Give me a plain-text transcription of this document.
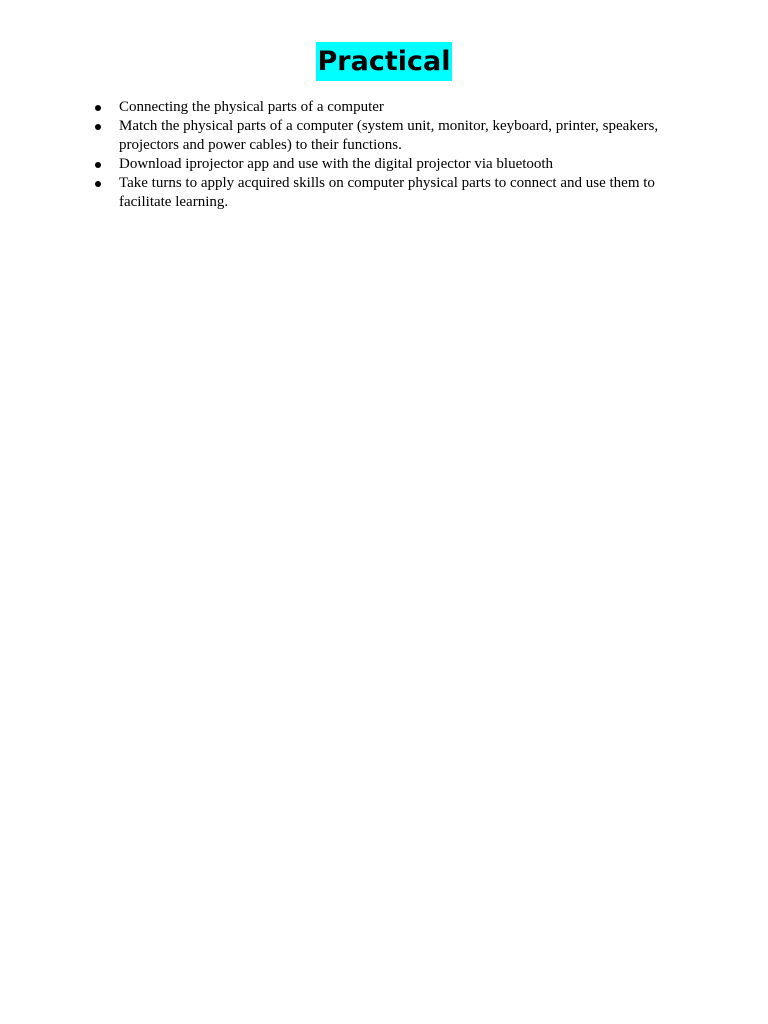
Practical
Connecting the physical parts of a computer
Match the physical parts of a computer (system unit, monitor, keyboard, printer, speakers, projectors and power cables) to their functions.
Download iprojector app and use with the digital projector via bluetooth
Take turns to apply acquired skills on computer physical parts to connect and use them to facilitate learning.
